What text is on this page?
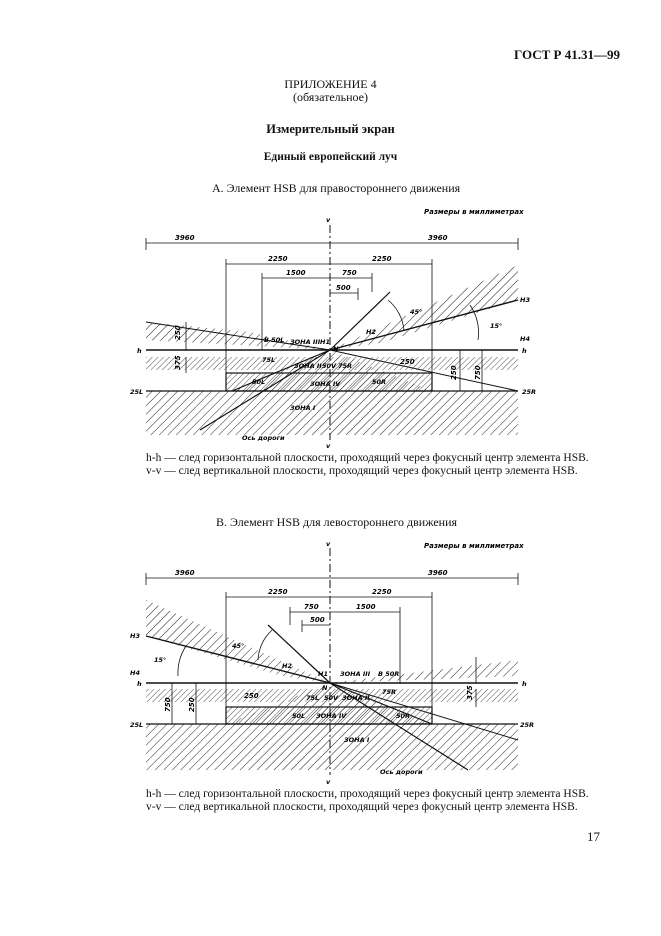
ГОСТ Р 41.31—99
ПРИЛОЖЕНИЕ 4
(обязательное)
Измерительный экран
Единый европейский луч
А. Элемент HSB для правостороннего движения
Размеры в миллиметрах
3960	3960
2250	2250
1500	750
500
250
375	250
250 750
h	h
v
v
ЗОНА I
ЗОНА III
ЗОНА IV
ЗОНА II
В 50L
75L
50L
50V 75R
50R
H1
H2
H3
H4
N
25L	25R
Ось дороги
45°
15°
Размеры в миллиметрах
3960	3960
2250	2250
750
500
1500
250	375
250
750
h	h
v
v
ЗОНА I
ЗОНА III
ЗОНА IV
ЗОНА II
В 50R
75L
50L
50V
75R
50R
H1
H2
H3
H4
N
25L	25R
Ось дороги
45°
15°
h-h — след горизонтальной плоскости, проходящий через фокусный центр элемента HSB.
v-v — след вертикальной плоскости, проходящий через фокусный центр элемента HSB.
В. Элемент HSB для левостороннего движения
h-h — след горизонтальной плоскости, проходящий через фокусный центр элемента HSB.
v-v — след вертикальной плоскости, проходящий через фокусный центр элемента HSB.
17
